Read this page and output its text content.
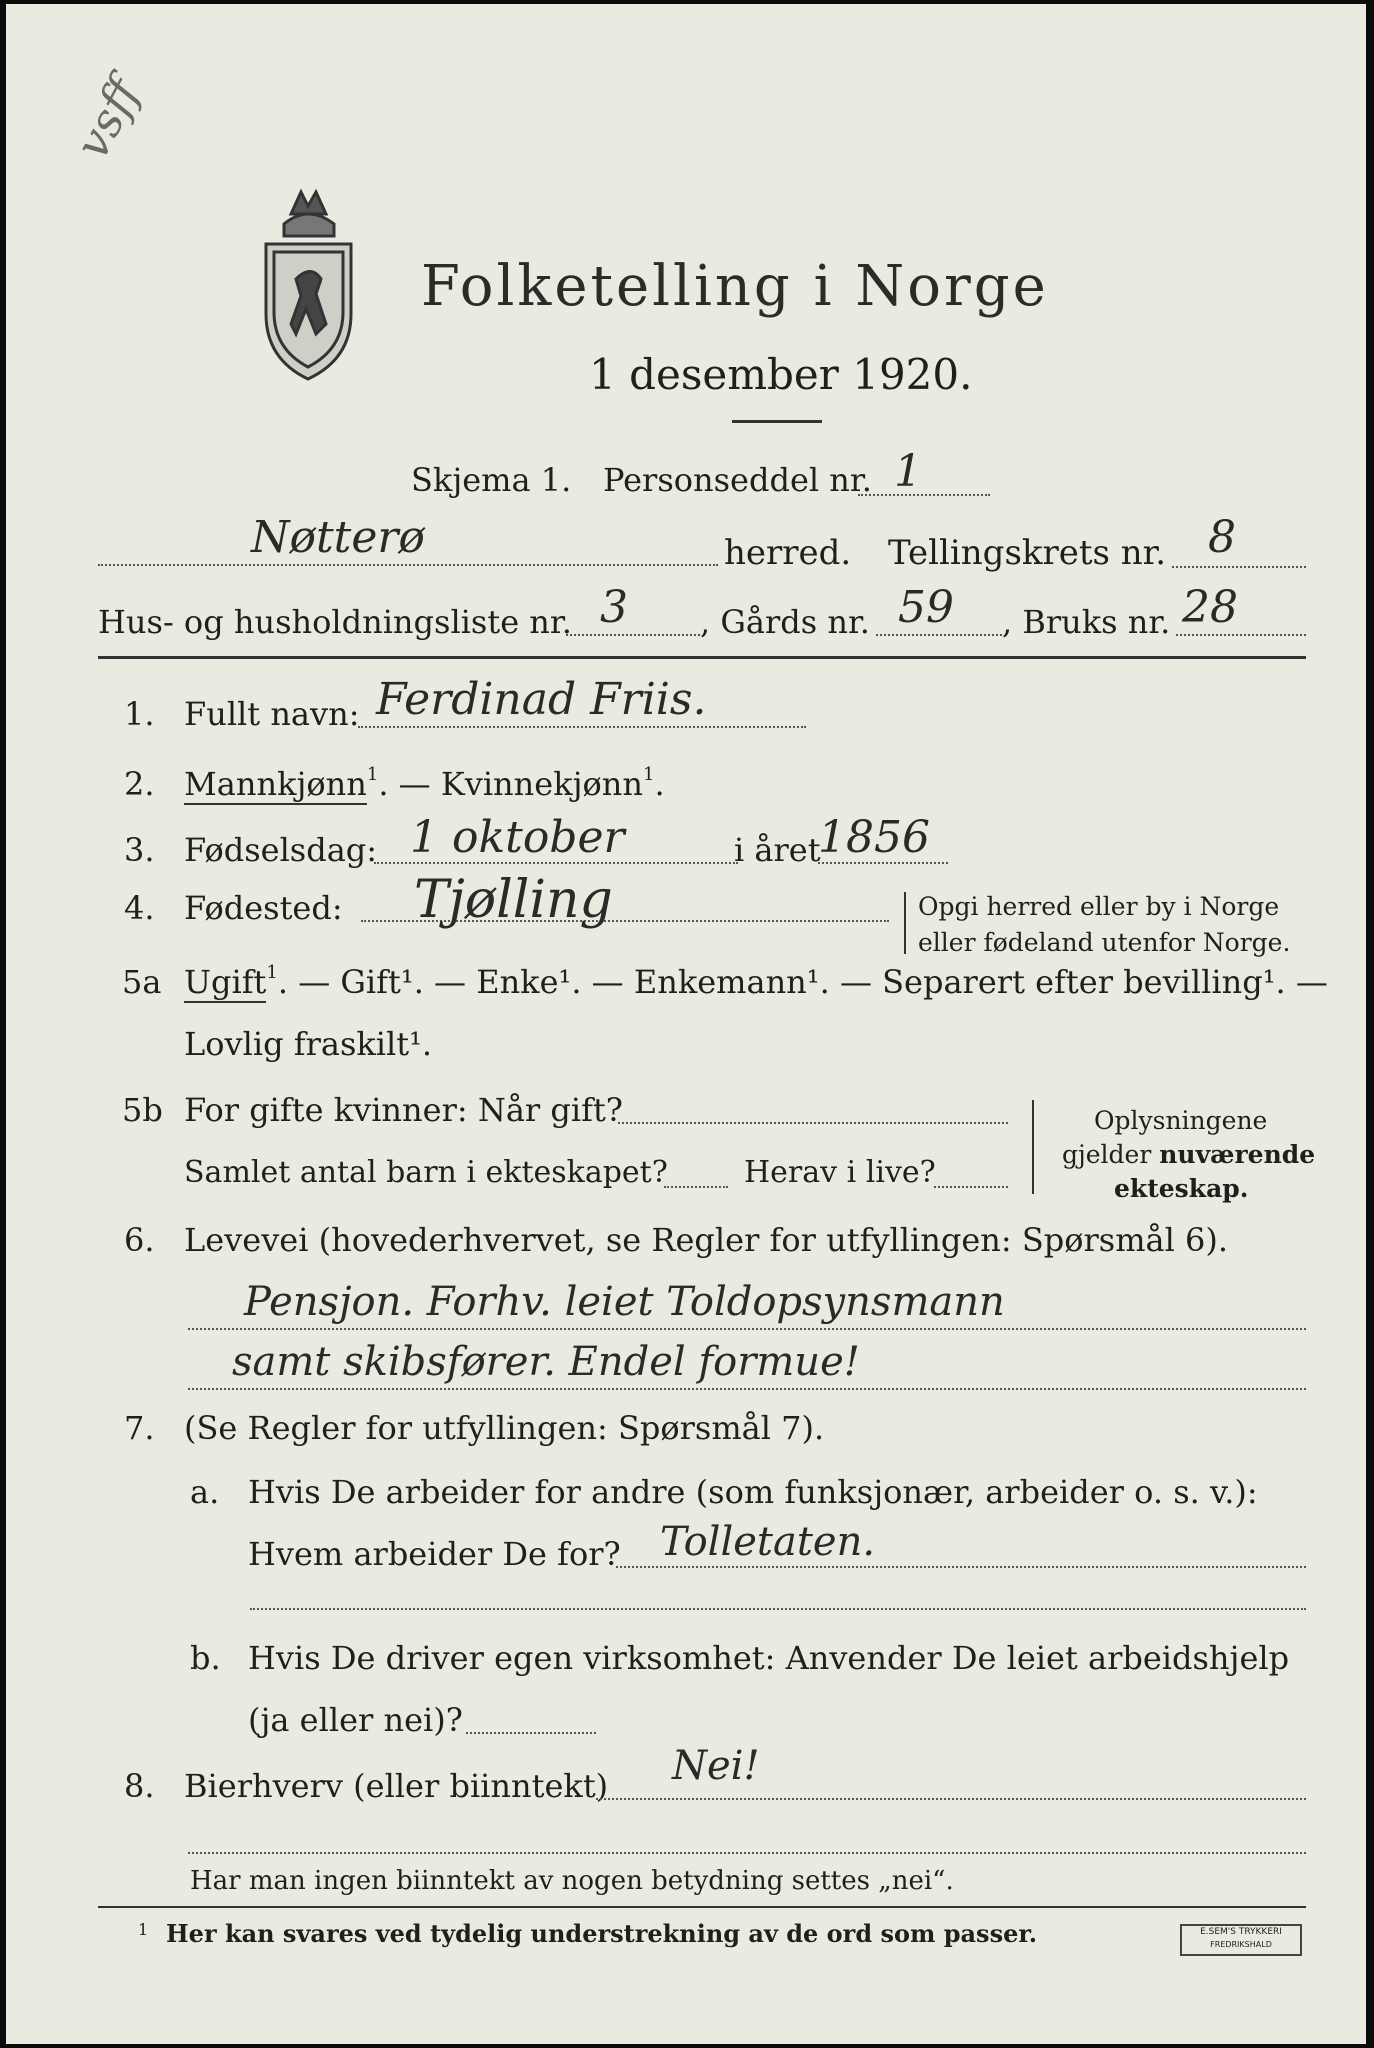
vsff
Folketelling i Norge
1 desember 1920.
Skjema 1. Personseddel nr. 1
Nøtterø	herred. Tellingskrets nr. 8
Hus- og husholdningsliste nr. 3 , Gårds nr. 59 , Bruks nr. 28
1. Fullt navn: Ferdinad Friis.
2. Mannkjønn$^1$. — Kvinnekjønn$^1$.
3. Fødselsdag: 1 oktober	i året
1856
4. Fødested: Tjølling	Opgi herred eller by i Norge
eller fødeland utenfor Norge.
5a Ugift$^1$. — Gift¹. — Enke¹. — Enkemann¹. — Separert efter bevilling¹. —
Lovlig fraskilt¹.
5b For gifte kvinner: Når gift?
Samlet antal barn i ekteskapet?	Herav i live?
Oplysningene
gjelder nuværende
ekteskap.
6. Levevei (hovederhvervet, se Regler for utfyllingen: Spørsmål 6).
Pensjon. Forhv. leiet Toldopsynsmann
samt skibsfører. Endel formue!
7. (Se Regler for utfyllingen: Spørsmål 7).
a. Hvis De arbeider for andre (som funksjonær, arbeider o. s. v.):
Hvem arbeider De for? Tolletaten.
b. Hvis De driver egen virksomhet: Anvender De leiet arbeidshjelp
(ja eller nei)?
8. Bierhverv (eller biinntekt) Nei!
Har man ingen biinntekt av nogen betydning settes „nei“.
1 Her kan svares ved tydelig understrekning av de ord som passer.	E.SEM'S TRYKKERI
FREDRIKSHALD
